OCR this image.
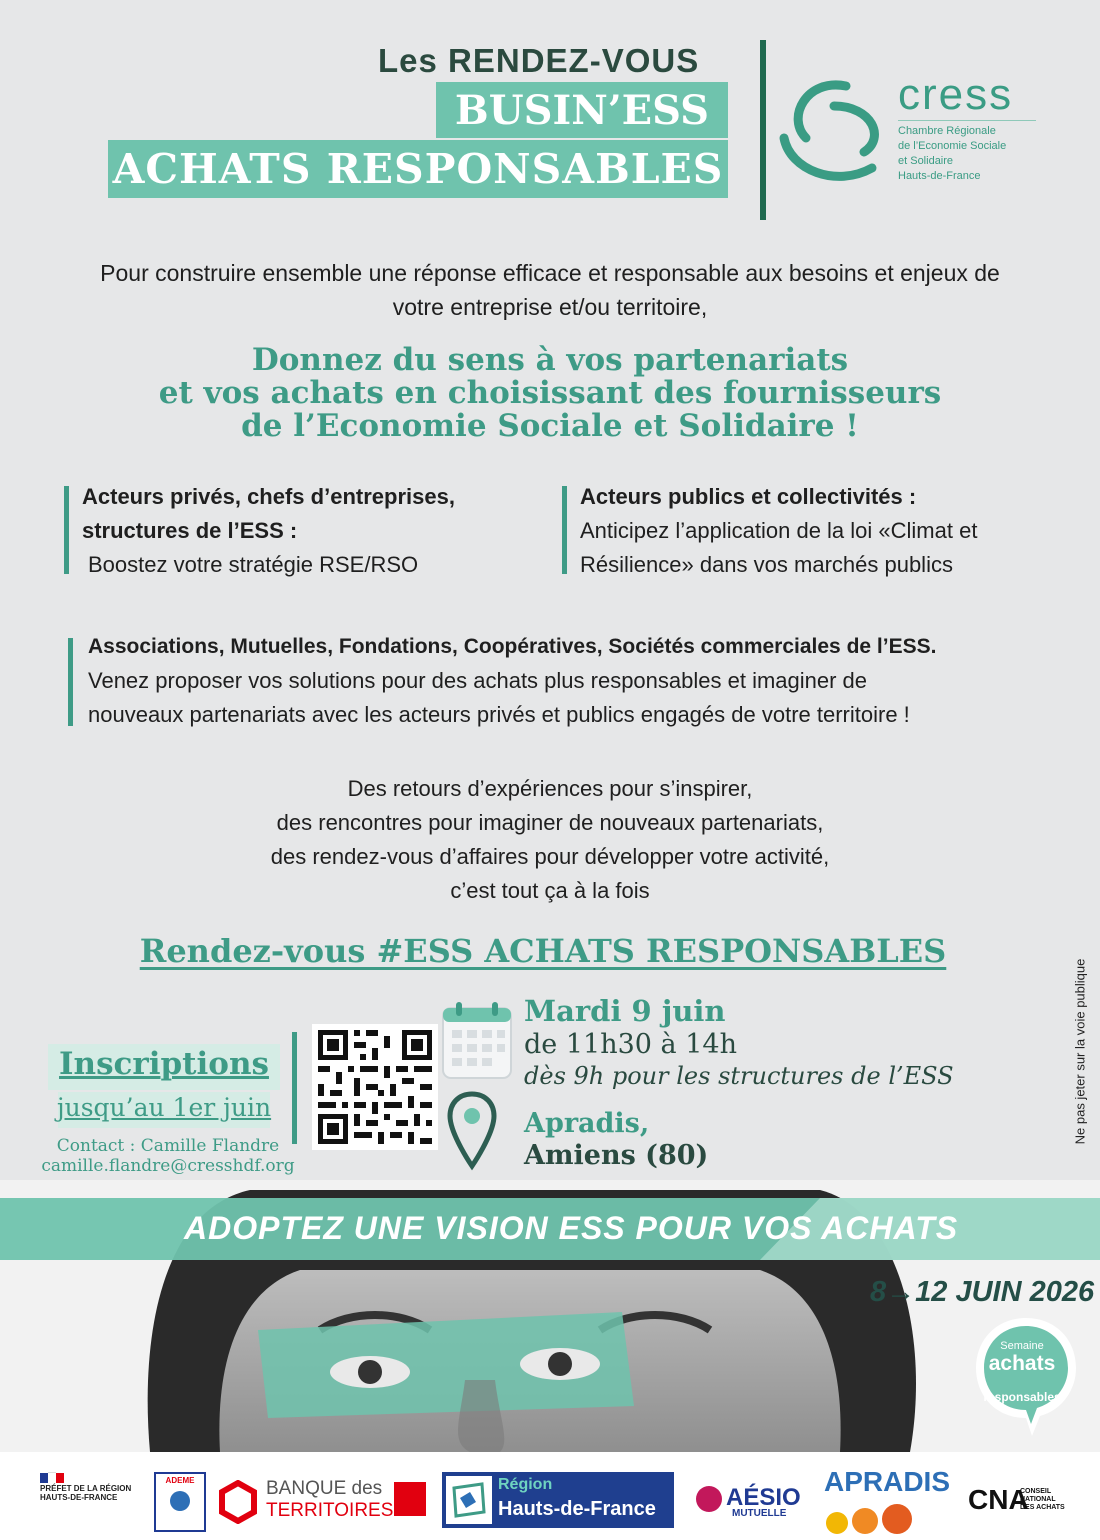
Les RENDEZ-VOUS
BUSIN’ESS
ACHATS RESPONSABLES
cress
Chambre Régionale
de l’Economie Sociale
et Solidaire
Hauts-de-France
Pour construire ensemble une réponse efficace et responsable aux besoins et enjeux de
votre entreprise et/ou territoire,
Donnez du sens à vos partenariats
et vos achats en choisissant des fournisseurs
de l’Economie Sociale et Solidaire !
Acteurs privés, chefs d’entreprises,
structures de l’ESS :
Boostez votre stratégie RSE/RSO
Acteurs publics et collectivités :
Anticipez l’application de la loi «Climat et
Résilience» dans vos marchés publics
Associations, Mutuelles, Fondations, Coopératives, Sociétés commerciales de l’ESS.
Venez proposer vos solutions pour des achats plus responsables et imaginer de
nouveaux partenariats avec les acteurs privés et publics engagés de votre territoire !
Des retours d’expériences pour s’inspirer,
des rencontres pour imaginer de nouveaux partenariats,
des rendez-vous d’affaires pour développer votre activité,
c’est tout ça à la fois
Rendez-vous #ESS ACHATS RESPONSABLES
Inscriptions
jusqu’au 1er juin
Contact : Camille Flandre
camille.flandre@cresshdf.org
Mardi 9 juin
de 11h30 à 14h
dès 9h pour les structures de l’ESS
Apradis,
Amiens (80)
Ne pas jeter sur la voie publique
ADOPTEZ UNE VISION ESS POUR VOS ACHATS
8→12 JUIN 2026
Semaine
achats
responsables
PRÉFET DE LA RÉGION HAUTS-DE-FRANCE
ADEME	BANQUE des
TERRITOIRES
Région
Hauts-de-France	AÉSIO
MUTUELLE
APRADIS
CNA
CONSEIL NATIONAL DES ACHATS
